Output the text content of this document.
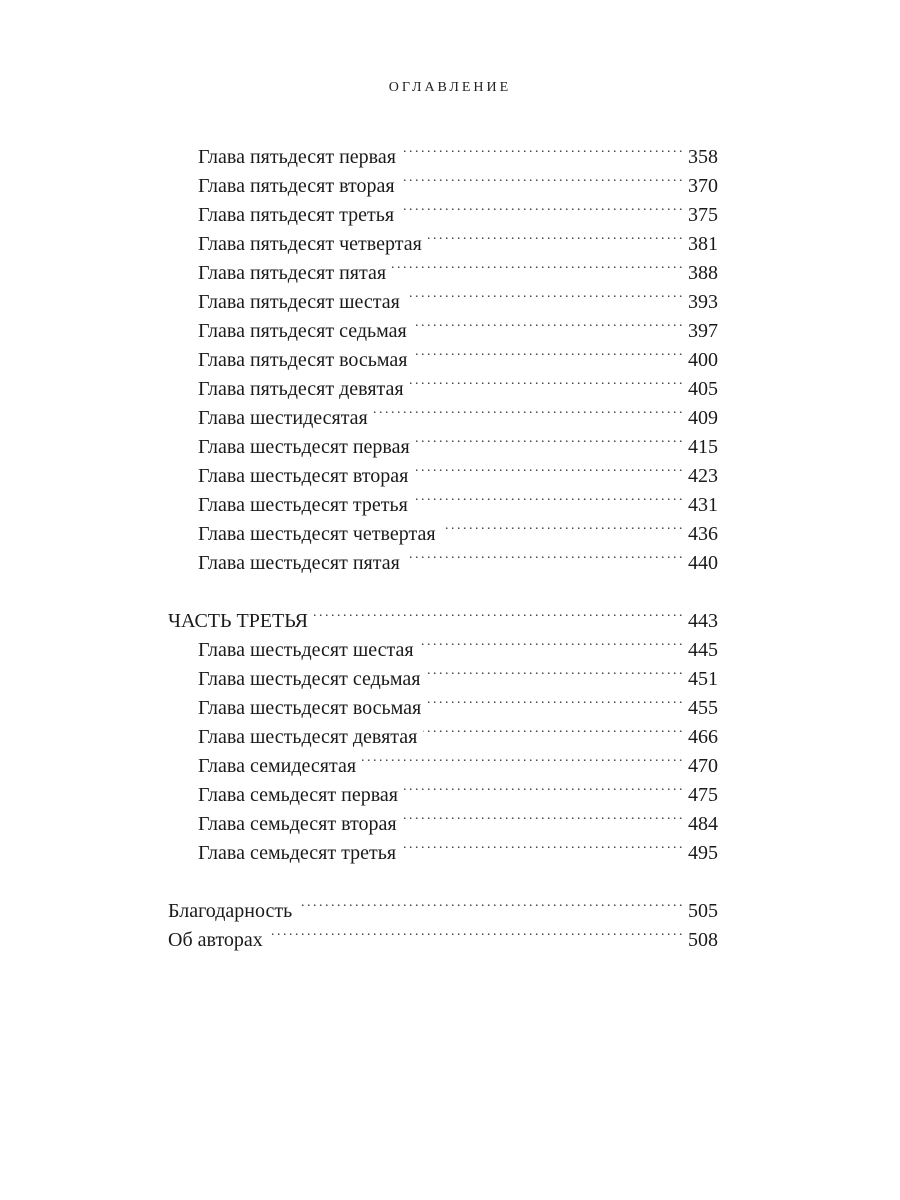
ОГЛАВЛЕНИЕ
Глава пятьдесят первая . . .	358
Глава пятьдесят вторая . . .	370
Глава пятьдесят третья . . .	375
Глава пятьдесят четвертая . . .	381
Глава пятьдесят пятая . . .	388
Глава пятьдесят шестая . . .	393
Глава пятьдесят седьмая . . .	397
Глава пятьдесят восьмая . . .	400
Глава пятьдесят девятая . . .	405
Глава шестидесятая . . .	409
Глава шестьдесят первая . . .	415
Глава шестьдесят вторая . . .	423
Глава шестьдесят третья . . .	431
Глава шестьдесят четвертая . . .	436
Глава шестьдесят пятая . . .	440
ЧАСТЬ ТРЕТЬЯ . . .	443
Глава шестьдесят шестая . . .	445
Глава шестьдесят седьмая . . .	451
Глава шестьдесят восьмая . . .	455
Глава шестьдесят девятая . . .	466
Глава семидесятая . . .	470
Глава семьдесят первая . . .	475
Глава семьдесят вторая . . .	484
Глава семьдесят третья . . .	495
Благодарность . . .	505
Об авторах . . .	508
